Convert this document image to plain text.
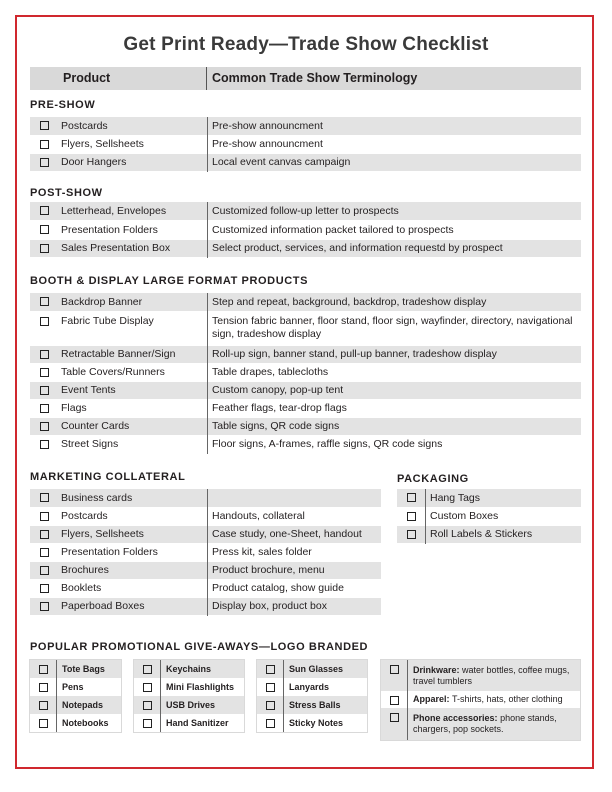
Get Print Ready—Trade Show Checklist
Product	Common Trade Show Terminology
PRE-SHOW
	Postcards	Pre-show announcment
	Flyers, Sellsheets	Pre-show announcment
	Door Hangers	Local event canvas campaign
POST-SHOW
	Letterhead, Envelopes	Customized follow-up letter to prospects
	Presentation Folders	Customized information packet tailored to prospects
	Sales Presentation Box	Select product, services, and information requestd by prospect
BOOTH & DISPLAY LARGE FORMAT PRODUCTS
	Backdrop Banner	Step and repeat, background, backdrop, tradeshow display
	Fabric Tube Display	Tension fabric banner, floor stand, floor sign, wayfinder, directory, navigational sign, tradeshow display
	Retractable Banner/Sign	Roll-up sign, banner stand, pull-up banner, tradeshow display
	Table Covers/Runners	Table drapes, tablecloths
	Event Tents	Custom canopy, pop-up tent
	Flags	Feather flags, tear-drop flags
	Counter Cards	Table signs, QR code signs
	Street Signs	Floor signs, A-frames, raffle signs, QR code signs
MARKETING COLLATERAL
	Business cards	
	Postcards	Handouts, collateral
	Flyers, Sellsheets	Case study, one-Sheet, handout
	Presentation Folders	Press kit, sales folder
	Brochures	Product brochure, menu
	Booklets	Product catalog, show guide
	Paperboad Boxes	Display box, product box
PACKAGING
	Hang Tags
	Custom Boxes
	Roll Labels & Stickers
POPULAR PROMOTIONAL GIVE-AWAYS—LOGO BRANDED
	Tote Bags
	Pens
	Notepads
	Notebooks
	Keychains
	Mini Flashlights
	USB Drives
	Hand Sanitizer
	Sun Glasses
	Lanyards
	Stress Balls
	Sticky Notes

	Drinkware: water bottles, coffee mugs, travel tumblers

	Apparel: T-shirts, hats, other clothing

	Phone accessories: phone stands, chargers, pop sockets.
